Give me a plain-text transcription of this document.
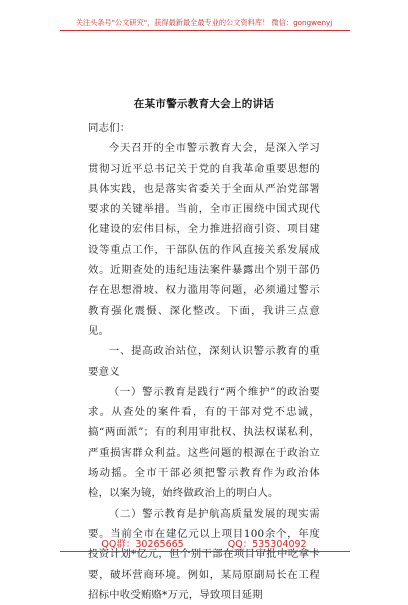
关注头条号"公文研究"，获得最新最全最专业的公文资料库！ 微信：gongwenyj
在某市警示教育大会上的讲话

同志们：

今天召开的全市警示教育大会，是深入学习贯彻习近平总书记关于党的自我革命重要思想的具体实践，也是落实省委关于全面从严治党部署要求的关键举措。当前，全市正围绕中国式现代化建设的宏伟目标，全力推进招商引资、项目建设等重点工作，干部队伍的作风直接关系发展成效。近期查处的违纪违法案件暴露出个别干部仍存在思想滑坡、权力滥用等问题，必须通过警示教育强化震慑、深化整改。下面，我讲三点意见。

一、提高政治站位，深刻认识警示教育的重要意义

（一）警示教育是践行“两个维护”的政治要求。从查处的案件看，有的干部对党不忠诚，搞“两面派”；有的利用审批权、执法权谋私利，严重损害群众利益。这些问题的根源在于政治立场动摇。全市干部必须把警示教育作为政治体检，以案为镜，始终做政治上的明白人。

（二）警示教育是护航高质量发展的现实需要。当前全市在建亿元以上项目100余个，年度投资计划*亿元，但个别干部在项目审批中吃拿卡要，破坏营商环境。例如，某局原副局长在工程招标中收受贿赂*万元，导致项目延期

QQ群：30265665	QQ：535304092
